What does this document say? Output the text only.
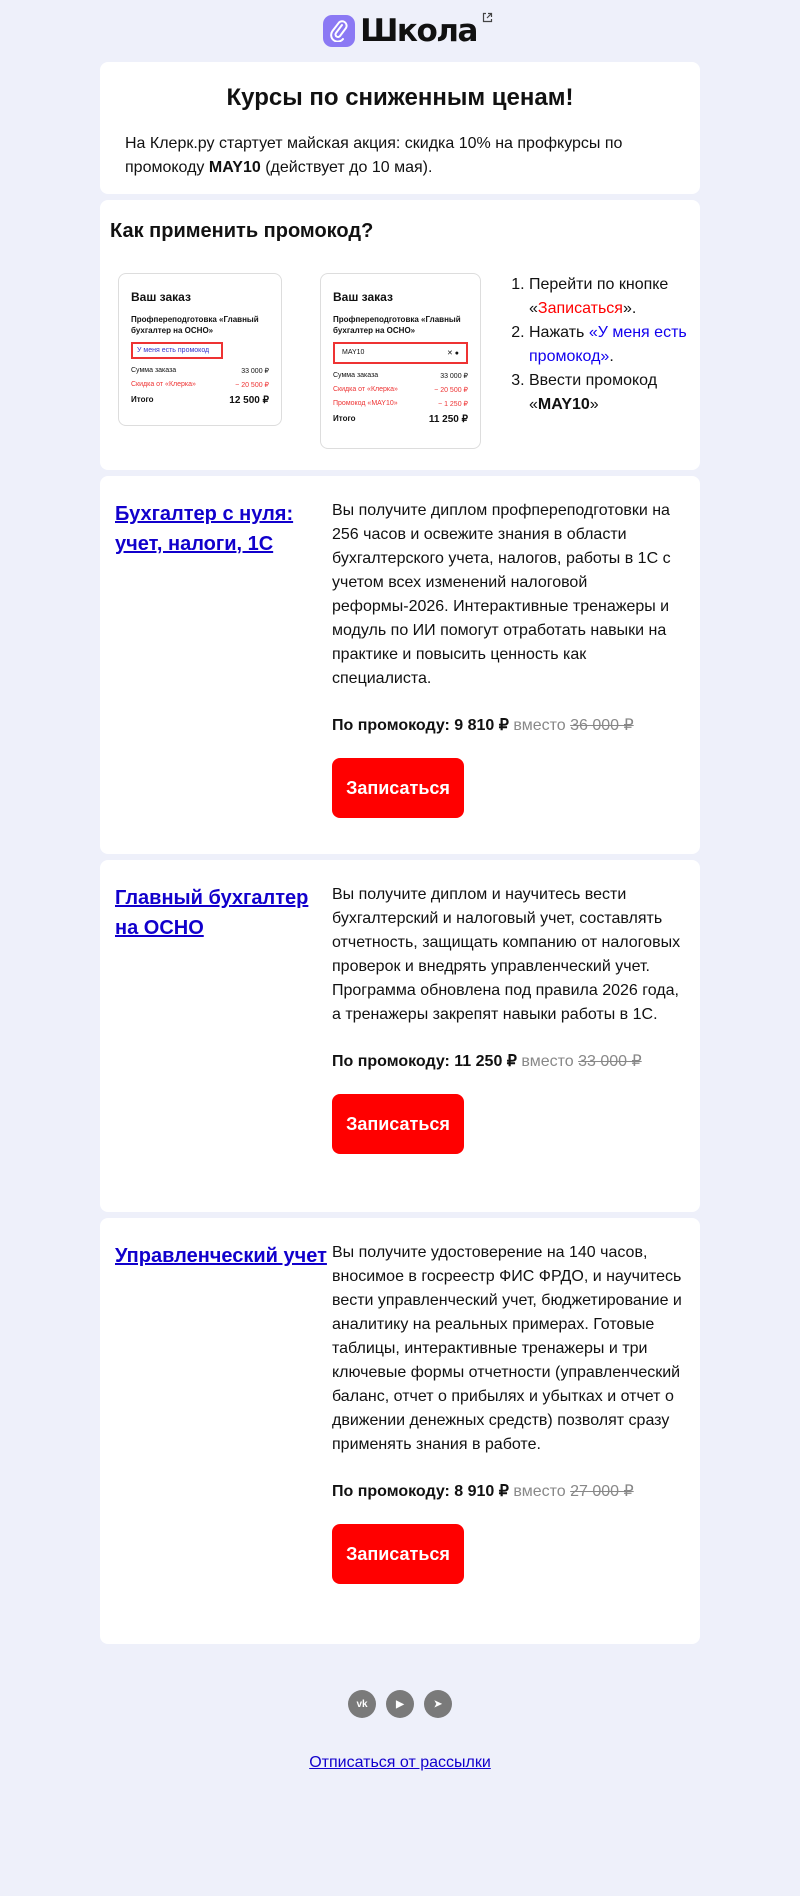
Школа
Курсы по сниженным ценам!

На Клерк.ру стартует майская акция: скидка 10% на профкурсы по промокоду MAY10 (действует до 10 мая).

Как применить промокод?
Ваш заказ
Профпереподготовка «Главный бухгалтер на ОСНО»
У меня есть промокод
Сумма заказа	33 000 ₽
Скидка от «Клерка»	− 20 500 ₽
Итого	12 500 ₽
Ваш заказ
Профпереподготовка «Главный бухгалтер на ОСНО»
MAY10	✕ ●
Сумма заказа	33 000 ₽
Скидка от «Клерка»	− 20 500 ₽
Промокод «MAY10»	− 1 250 ₽
Итого	11 250 ₽
1. Перейти по кнопке «Записаться».
2. Нажать «У меня есть промокод».
3. Ввести промокод «MAY10»
Бухгалтер с нуля: учет, налоги, 1С

Вы получите диплом профпереподготовки на 256 часов и освежите знания в области бухгалтерского учета, налогов, работы в 1С с учетом всех изменений налоговой реформы-2026. Интерактивные тренажеры и модуль по ИИ помогут отработать навыки на практике и повысить ценность как специалиста.

По промокоду: 9 810 ₽ вместо 36 000 ₽

Записаться
Главный бухгалтер на ОСНО

Вы получите диплом и научитесь вести бухгалтерский и налоговый учет, составлять отчетность, защищать компанию от налоговых проверок и внедрять управленческий учет. Программа обновлена под правила 2026 года, а тренажеры закрепят навыки работы в 1С.

По промокоду: 11 250 ₽ вместо 33 000 ₽

Записаться
Управленческий учет Вы получите удостоверение на 140 часов, вносимое в госреестр ФИС ФРДО, и научитесь вести управленческий учет, бюджетирование и аналитику на реальных примерах. Готовые таблицы, интерактивные тренажеры и три ключевые формы отчетности (управленческий баланс, отчет о прибылях и убытках и отчет о движении денежных средств) позволят сразу применять знания в работе.

По промокоду: 8 910 ₽ вместо 27 000 ₽

Записаться
vk	▶	➤
Отписаться от рассылки
